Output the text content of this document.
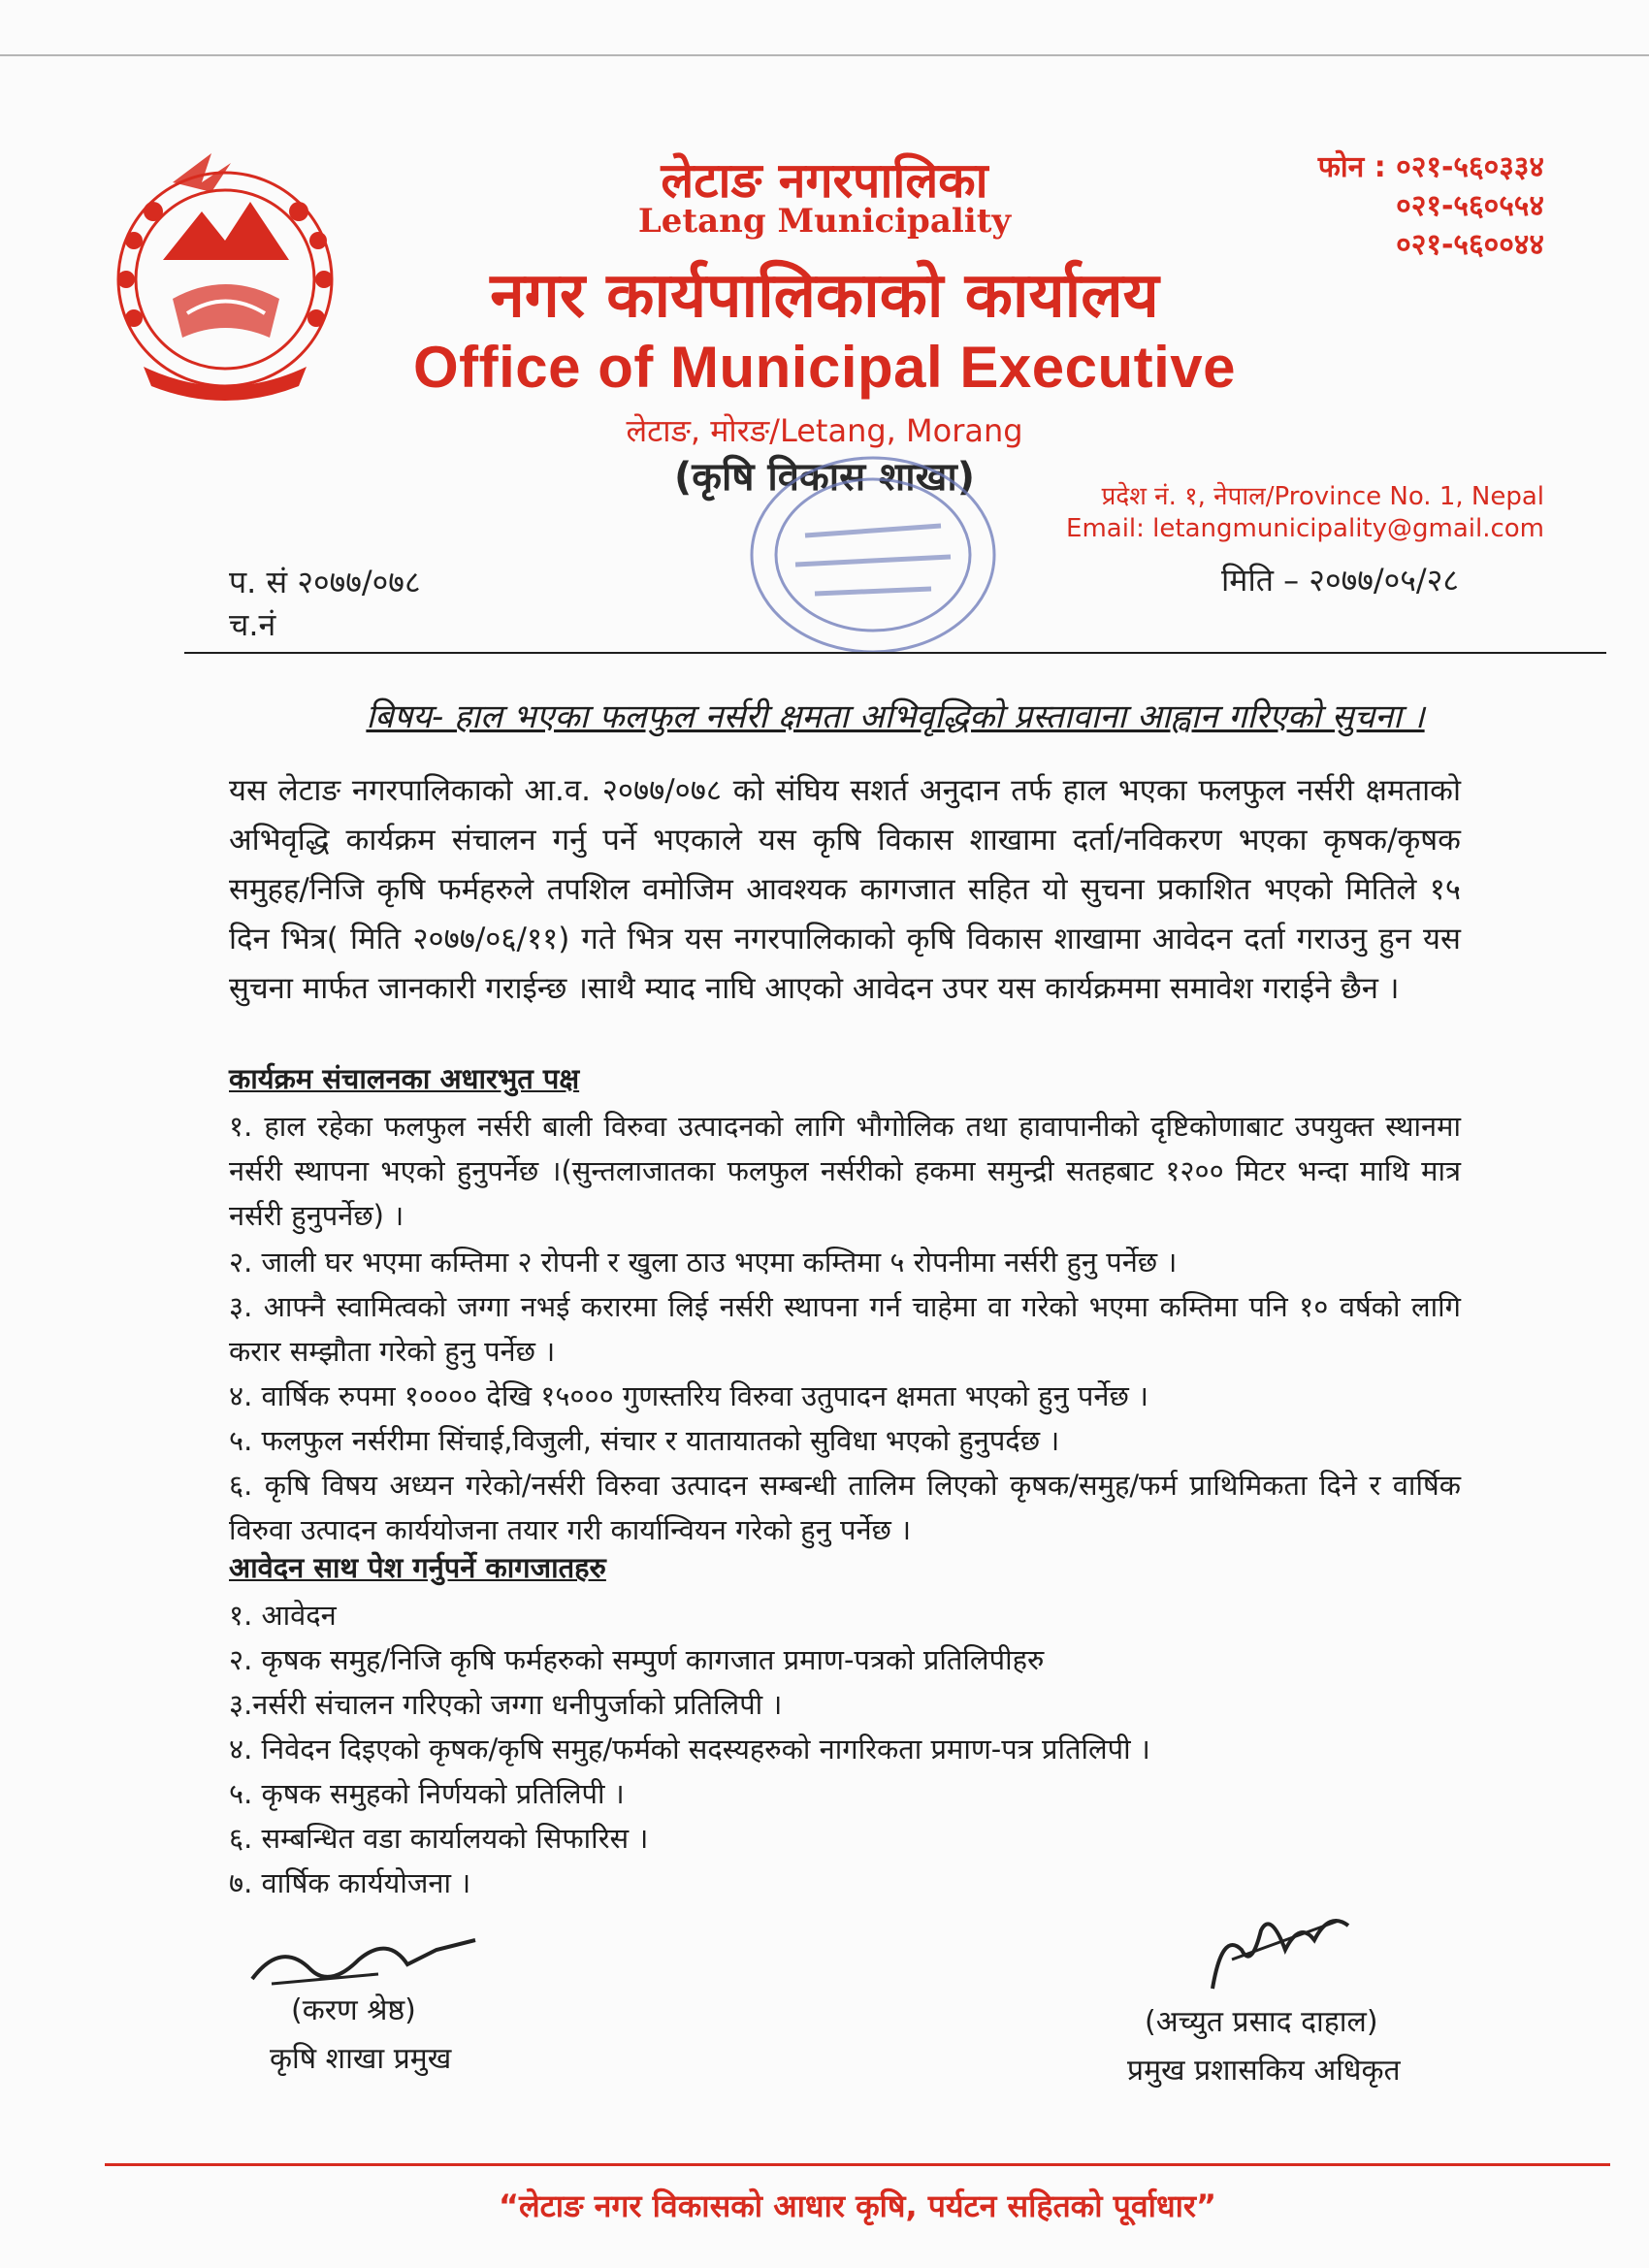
लेटाङ नगरपालिका
Letang Municipality
नगर कार्यपालिकाको कार्यालय
Office of Municipal Executive
लेटाङ, मोरङ/Letang, Morang
(कृषि विकास शाखा)
फोन : ०२१-५६०३३४
०२१-५६०५५४
०२१-५६००४४
प्रदेश नं. १, नेपाल/Province No. 1, Nepal
Email: letangmunicipality@gmail.com
प. सं २०७७/०७८
च.नं
मिति – २०७७/०५/२८
बिषय- हाल भएका फलफुल नर्सरी क्षमता अभिवृद्धिको प्रस्तावाना आह्वान गरिएको सुचना ।
यस लेटाङ नगरपालिकाको आ.व. २०७७/०७८ को संघिय सशर्त अनुदान तर्फ हाल भएका फलफुल नर्सरी क्षमताको अभिवृद्धि कार्यक्रम संचालन गर्नु पर्ने भएकाले यस कृषि विकास शाखामा दर्ता/नविकरण भएका कृषक/कृषक समुहह/निजि कृषि फर्महरुले तपशिल वमोजिम आवश्यक कागजात सहित यो सुचना प्रकाशित भएको मितिले १५ दिन भित्र( मिति २०७७/०६/११) गते भित्र यस नगरपालिकाको कृषि विकास शाखामा आवेदन दर्ता गराउनु हुन यस सुचना मार्फत जानकारी गराईन्छ ।साथै म्याद नाघि आएको आवेदन उपर यस कार्यक्रममा समावेश गराईने छैन ।
कार्यक्रम संचालनका अधारभुत पक्ष
१. हाल रहेका फलफुल नर्सरी बाली विरुवा उत्पादनको लागि भौगोलिक तथा हावापानीको दृष्टिकोणाबाट उपयुक्त स्थानमा नर्सरी स्थापना भएको हुनुपर्नेछ ।(सुन्तलाजातका फलफुल नर्सरीको हकमा समुन्द्री सतहबाट १२०० मिटर भन्दा माथि मात्र नर्सरी हुनुपर्नेछ) ।
२. जाली घर भएमा कम्तिमा २ रोपनी र खुला ठाउ भएमा कम्तिमा ५ रोपनीमा नर्सरी हुनु पर्नेछ ।
३. आफ्नै स्वामित्वको जग्गा नभई करारमा लिई नर्सरी स्थापना गर्न चाहेमा वा गरेको भएमा कम्तिमा पनि १० वर्षको लागि करार सम्झौता गरेको हुनु पर्नेछ ।
४. वार्षिक रुपमा १०००० देखि १५००० गुणस्तरिय विरुवा उतुपादन क्षमता भएको हुनु पर्नेछ ।
५. फलफुल नर्सरीमा सिंचाई,विजुली, संचार र यातायातको सुविधा भएको हुनुपर्दछ ।
६. कृषि विषय अध्यन गरेको/नर्सरी विरुवा उत्पादन सम्बन्धी तालिम लिएको कृषक/समुह/फर्म प्राथिमिकता दिने र वार्षिक विरुवा उत्पादन कार्ययोजना तयार गरी कार्यान्वियन गरेको हुनु पर्नेछ ।
आवेदन साथ पेश गर्नुपर्ने कागजातहरु
१. आवेदन
२. कृषक समुह/निजि कृषि फर्महरुको सम्पुर्ण कागजात प्रमाण-पत्रको प्रतिलिपीहरु
३.नर्सरी संचालन गरिएको जग्गा धनीपुर्जाको प्रतिलिपी ।
४. निवेदन दिइएको कृषक/कृषि समुह/फर्मको सदस्यहरुको नागरिकता प्रमाण-पत्र प्रतिलिपी ।
५. कृषक समुहको निर्णयको प्रतिलिपी ।
६. सम्बन्धित वडा कार्यालयको सिफारिस ।
७. वार्षिक कार्ययोजना ।
(करण श्रेष्ठ)
कृषि शाखा प्रमुख
(अच्युत प्रसाद दाहाल)
प्रमुख प्रशासकिय अधिकृत
“लेटाङ नगर विकासको आधार कृषि, पर्यटन सहितको पूर्वाधार”
